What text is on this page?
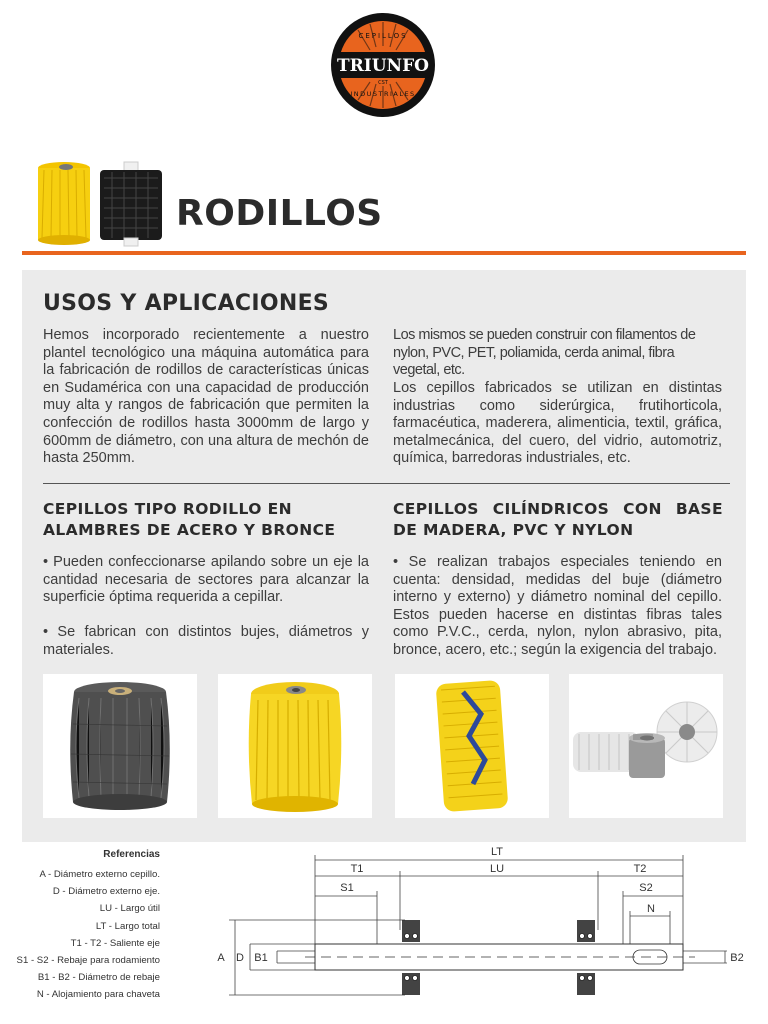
TRIUNFO
CEPILLOS
CST
INDUSTRIALES
RODILLOS
USOS Y APLICACIONES

Hemos incorporado recientemente a nuestro plantel tecnológico una máquina automática para la fabricación de rodillos de características únicas en Sudamérica con una capacidad de producción muy alta y rangos de fabricación que permiten la confección de rodillos hasta 3000mm de largo y 600mm de diámetro, con una altura de mechón de hasta 250mm.

Los mismos se pueden construir con filamentos de nylon, PVC, PET, poliamida, cerda animal, fibra vegetal, etc.

Los cepillos fabricados se utilizan en distintas industrias como siderúrgica, frutihorticola, farmacéutica, maderera, alimenticia, textil, gráfica, metalmecánica, del cuero, del vidrio, automotriz, química, barredoras industriales, etc.

CEPILLOS TIPO RODILLO EN ALAMBRES DE ACERO Y BRONCE
CEPILLOS CILÍNDRICOS CON BASE DE MADERA, PVC Y NYLON

• Pueden confeccionarse apilando sobre un eje la cantidad necesaria de sectores para alcanzar la superficie óptima requerida a cepillar.

• Se fabrican con distintos bujes, diámetros y materiales.

• Se realizan trabajos especiales teniendo en cuenta: densidad, medidas del buje (diámetro interno y externo) y diámetro nominal del cepillo. Estos pueden hacerse en distintas fibras tales como P.V.C., cerda, nylon, nylon abrasivo, pita, bronce, acero, etc.; según la exigencia del trabajo.

Referencias
A - Diámetro externo cepillo.
D - Diámetro externo eje.
LU - Largo útil
LT - Largo total
T1 - T2 - Saliente eje
S1 - S2 - Rebaje para rodamiento
B1 - B2 - Diámetro de rebaje
N - Alojamiento para chaveta
LT
T1	LU	T2
S1	S2
N
A D B1	B2
